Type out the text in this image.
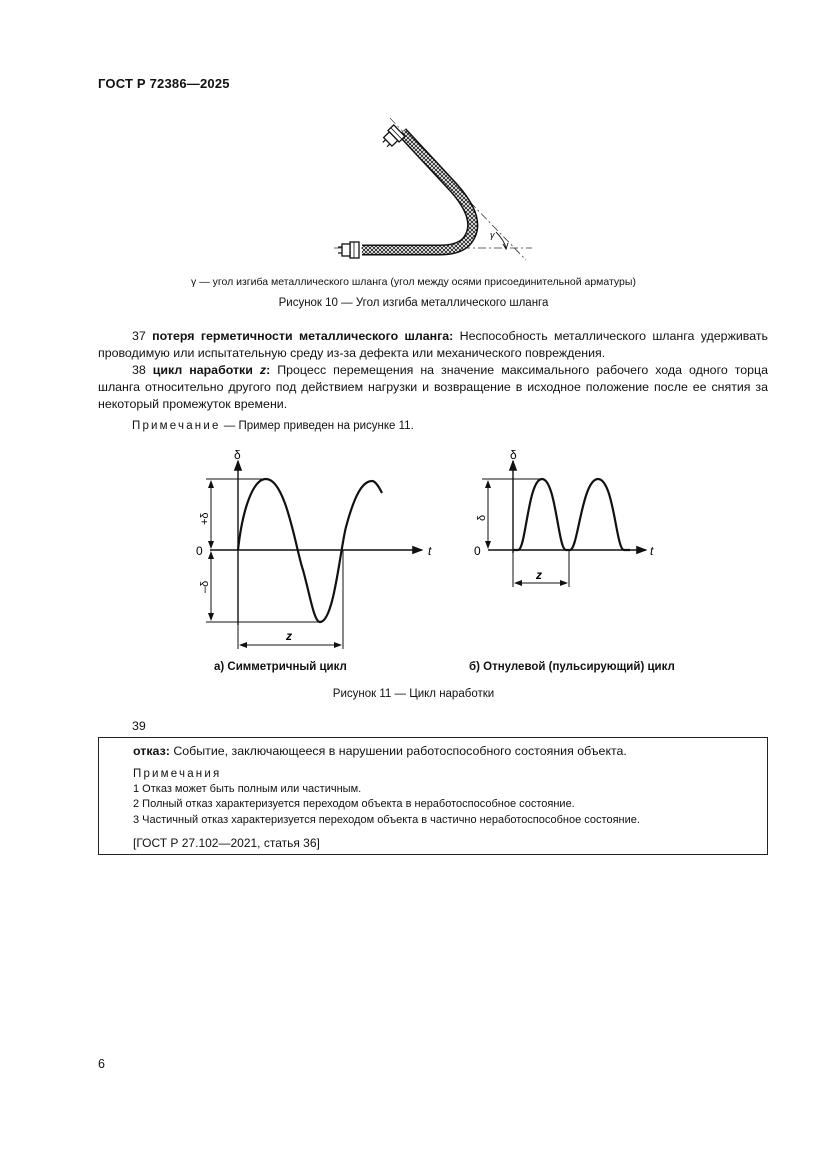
ГОСТ Р 72386—2025
γ
γ — угол изгиба металлического шланга (угол между осями присоединительной арматуры)
Рисунок 10 — Угол изгиба металлического шланга
37 потеря герметичности металлического шланга: Неспособность металлического шланга удерживать проводимую или испытательную среду из-за дефекта или механического повреждения.
38 цикл наработки z: Процесс перемещения на значение максимального рабочего хода одного торца шланга относительно другого под действием нагрузки и возвращение в исходное положение после ее снятия за некоторый промежуток времени.
Примечание — Пример приведен на рисунке 11.
δ
t
0
+δ
–δ
z
δ
t
0
δ
z
а) Симметричный цикл	б) Отнулевой (пульсирующий) цикл
Рисунок 11 — Цикл наработки
39
отказ: Событие, заключающееся в нарушении работоспособного состояния объекта.
Примечания
1 Отказ может быть полным или частичным.
2 Полный отказ характеризуется переходом объекта в неработоспособное состояние.
3 Частичный отказ характеризуется переходом объекта в частично неработоспособное состояние.
[ГОСТ Р 27.102—2021, статья 36]
6
